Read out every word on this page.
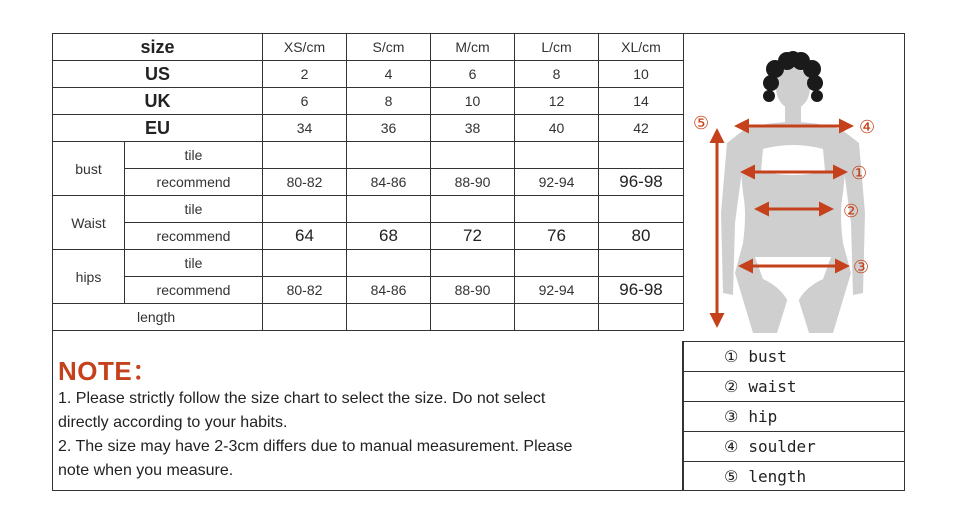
size		XS/cm	S/cm	M/cm	L/cm	XL/cm
US		2	4	6	8	10
UK		6	8	10	12	14
EU		34	36	38	40	42
bust	tile					
	recommend	80-82	84-86	88-90	92-94	96-98
Waist	tile					
	recommend	64	68	72	76	80
hips	tile					
	recommend	80-82	84-86	88-90	92-94	96-98
length						
⑤	④
①
②
③
NOTE：
1. Please strictly follow the size chart to select the size. Do not select
directly according to your habits.
2. The size may have 2-3cm differs due to manual measurement. Please
note when you measure.
① bust
② waist
③ hip
④ soulder
⑤ length
